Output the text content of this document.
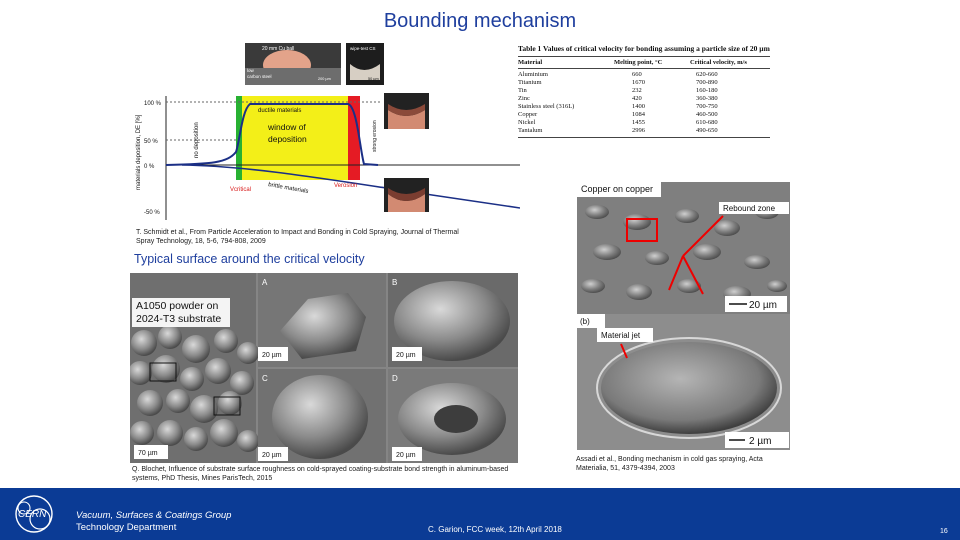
Bounding mechanism
100 %
50 %
0 %
-50 %
materials deposition, DE [%]
ductile materials
window of
deposition
no deposition	strong erosion
brittle materials
Vcritical
Verosion
20 mm Cu ball
low
carbon steel	200 µm
wipe-test CS
50 µm
Table 1 Values of critical velocity for bonding assuming a particle size of 20 µm
Material	Melting point, °C	Critical velocity, m/s
Aluminium	660	620-660
Titanium	1670	700-890
Tin	232	160-180
Zinc	420	360-380
Stainless steel (316L)	1400	700-750
Copper	1084	460-500
Nickel	1455	610-680
Tantalum	2996	490-650
T. Schmidt et al., From Particle Acceleration to Impact and Bonding in Cold Spraying, Journal of Thermal Spray Technology, 18, 5-6, 794-808, 2009
Typical surface around the critical velocity
A	B
C	D
20 µm	20 µm
20 µm	20 µm
70 µm
A1050 powder on 2024-T3 substrate
Q. Blochet, Influence of substrate surface roughness on cold-sprayed coating-substrate bond strength in aluminum-based systems, PhD Thesis, Mines ParisTech, 2015
Rebound zone
20 µm
(b)
Material jet
2 µm
Copper on copper
Assadi et al., Bonding mechanism in cold gas spraying, Acta Materialia, 51, 4379-4394, 2003
CERN	Vacuum, Surfaces & Coatings Group
Technology Department	C. Garion, FCC week, 12th April 2018	16
